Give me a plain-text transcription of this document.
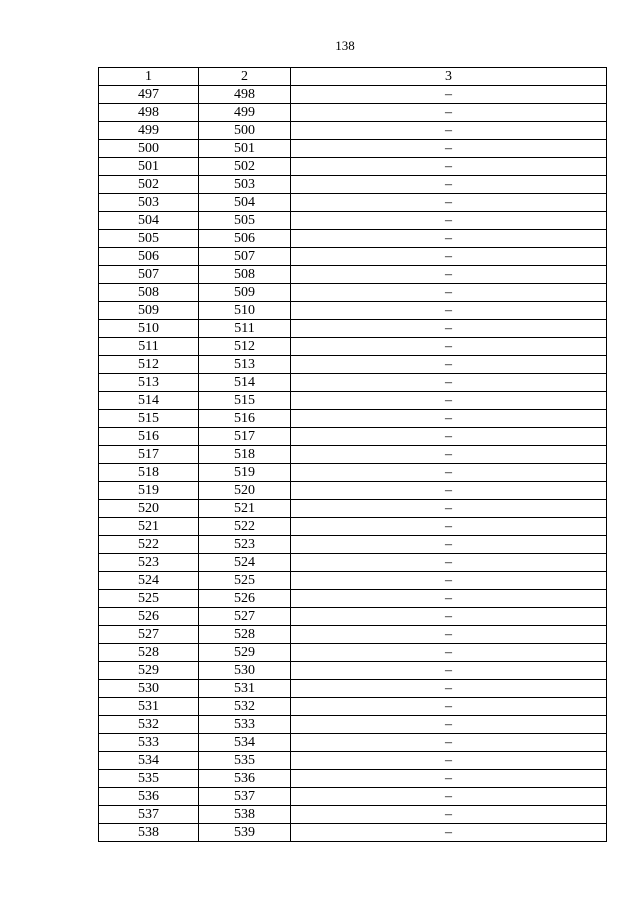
138
1	2	3
497	498	–
498	499	–
499	500	–
500	501	–
501	502	–
502	503	–
503	504	–
504	505	–
505	506	–
506	507	–
507	508	–
508	509	–
509	510	–
510	511	–
511	512	–
512	513	–
513	514	–
514	515	–
515	516	–
516	517	–
517	518	–
518	519	–
519	520	–
520	521	–
521	522	–
522	523	–
523	524	–
524	525	–
525	526	–
526	527	–
527	528	–
528	529	–
529	530	–
530	531	–
531	532	–
532	533	–
533	534	–
534	535	–
535	536	–
536	537	–
537	538	–
538	539	–
